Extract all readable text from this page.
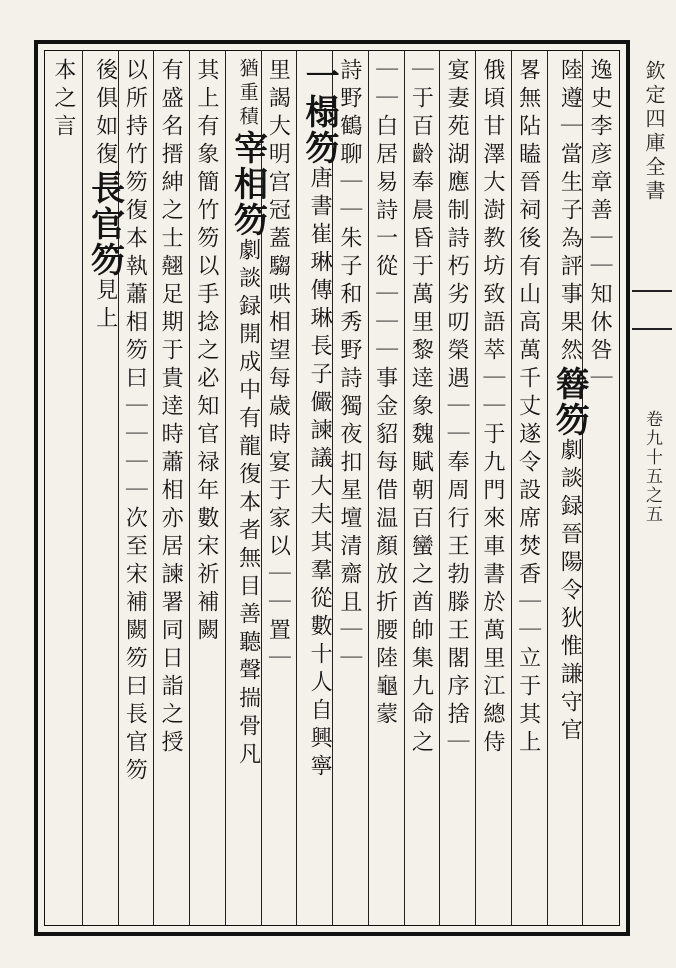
欽定四庫全書
卷九十五之五
逸史李彦章善｜｜知休咎｜
陸遵｜當生子為評事果然簮笏劇談録晉陽令狄惟謙守官
畧無阽瞌晉祠後有山高萬千丈遂令設席焚香｜｜立于其上
俄頃甘澤大澍教坊致語萃｜｜于九門來車書於萬里江總侍
宴妻苑湖應制詩朽劣叨榮遇｜｜奉周行王勃滕王閣序捨｜
｜于百齡奉晨昏于萬里黎逹象魏賦朝百蠻之酋帥集九命之
｜｜白居易詩一從｜｜｜事金貂每借温顏放折腰陸龜蒙
詩野鶴聊｜｜朱子和秀野詩獨夜扣星壇清齋且｜｜
一榻笏唐書崔琳傳琳長子儼諫議大夫其羣從數十人自興寧
里謁大明宫冠蓋騶哄相望每歳時宴于家以｜｜置｜
猶重積宰相笏劇談録開成中有龍復本者無目善聽聲揣骨凡
其上有象簡竹笏以手捻之必知官禄年數宋祈補闕
有盛名搢紳之士翹足期于貴逹時蕭相亦居諫署同日詣之授
以所持竹笏復本執蕭相笏曰｜｜｜｜次至宋補闕笏曰長官笏
後俱如復長官笏見上
本之言
